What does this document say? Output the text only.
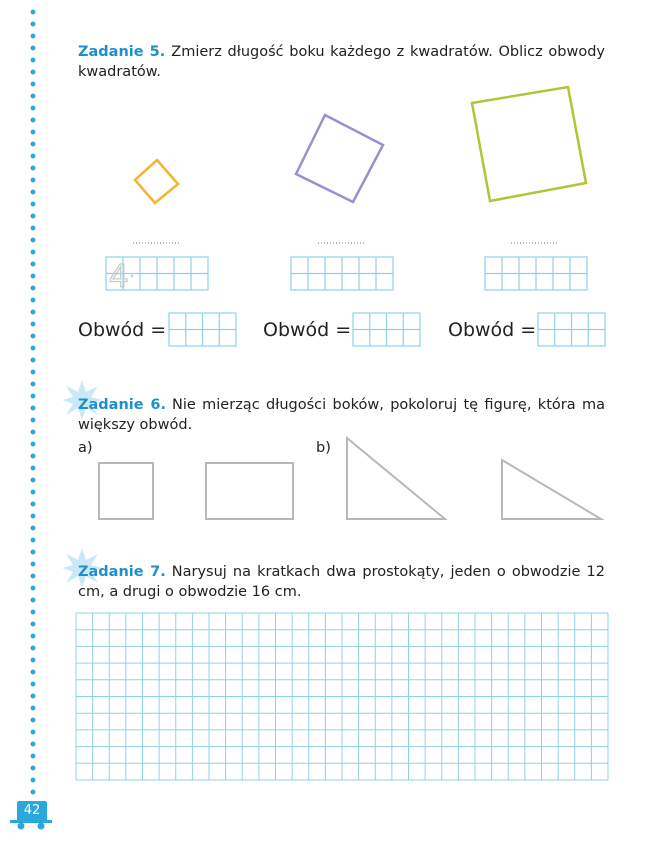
Zadanie 5. Zmierz długość boku każdego z kwadratów. Oblicz obwody kwadratów.
4
Obwód =	Obwód =	Obwód =
Zadanie 6. Nie mierząc długości boków, pokoloruj tę figurę, która ma większy obwód.
a)	b)
Zadanie 7. Narysuj na kratkach dwa prostokąty, jeden o obwodzie 12 cm, a drugi o obwodzie 16 cm.
42
